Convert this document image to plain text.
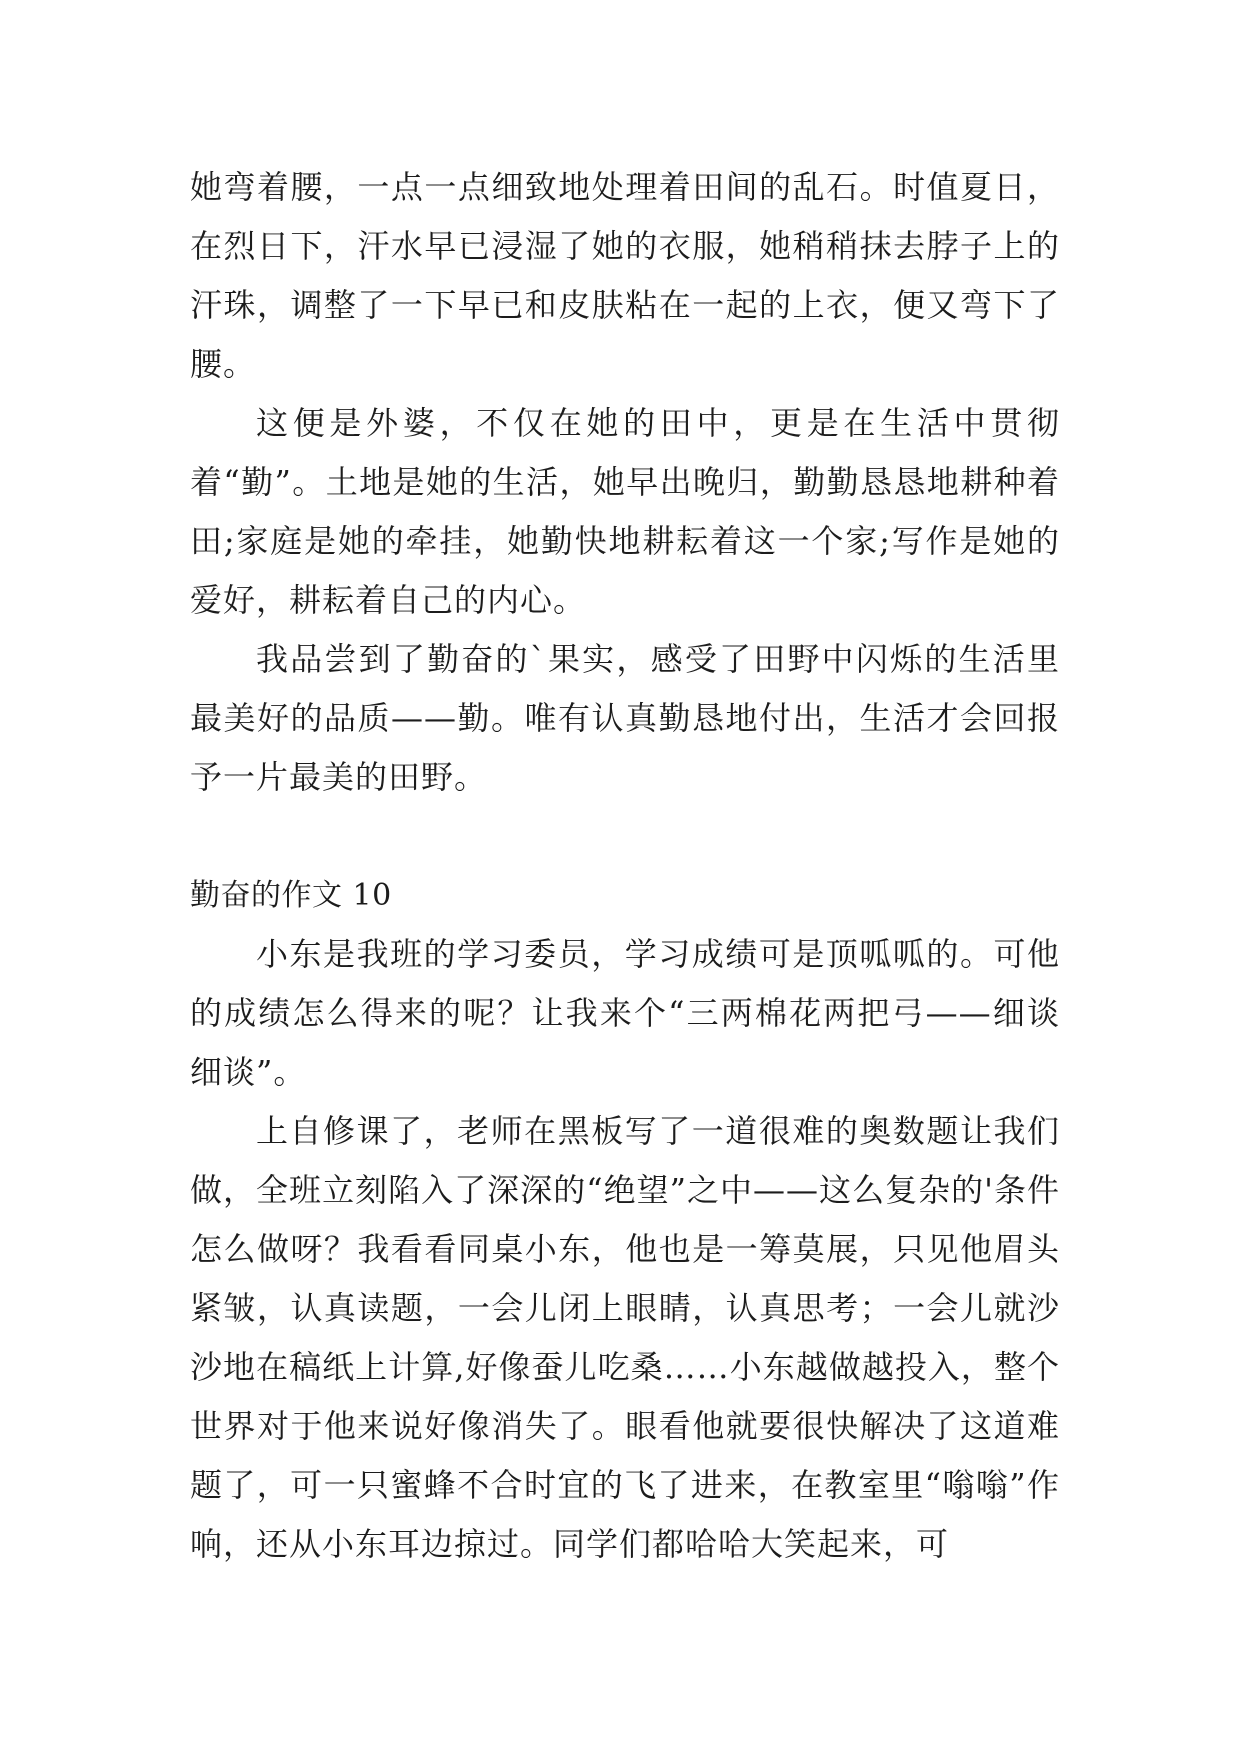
她弯着腰，一点一点细致地处理着田间的乱石。时值夏日，在烈日下，汗水早已浸湿了她的衣服，她稍稍抹去脖子上的汗珠，调整了一下早已和皮肤粘在一起的上衣，便又弯下了腰。

这便是外婆，不仅在她的田中，更是在生活中贯彻着“勤”。土地是她的生活，她早出晚归，勤勤恳恳地耕种着田;家庭是她的牵挂，她勤快地耕耘着这一个家;写作是她的爱好，耕耘着自己的内心。

我品尝到了勤奋的`果实，感受了田野中闪烁的生活里最美好的品质——勤。唯有认真勤恳地付出，生活才会回报予一片最美的田野。

勤奋的作文 10

小东是我班的学习委员，学习成绩可是顶呱呱的。可他的成绩怎么得来的呢？让我来个“三两棉花两把弓——细谈细谈”。

上自修课了，老师在黑板写了一道很难的奥数题让我们做，全班立刻陷入了深深的“绝望”之中——这么复杂的'条件怎么做呀？我看看同桌小东，他也是一筹莫展，只见他眉头紧皱，认真读题，一会儿闭上眼睛，认真思考；一会儿就沙沙地在稿纸上计算,好像蚕儿吃桑……小东越做越投入，整个世界对于他来说好像消失了。眼看他就要很快解决了这道难题了，可一只蜜蜂不合时宜的飞了进来，在教室里“嗡嗡”作响，还从小东耳边掠过。同学们都哈哈大笑起来，可
